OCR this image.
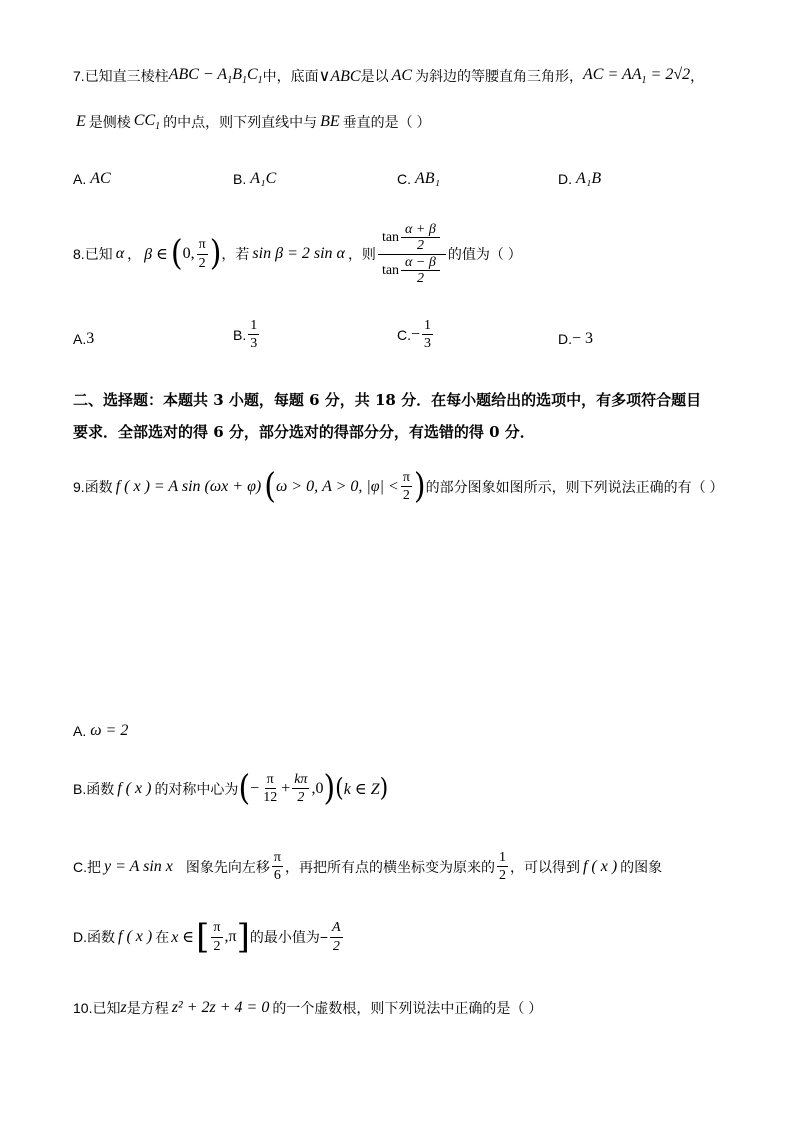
7. 已知直三棱柱 ABC − $A_1B_1C_1$ 中，底面 ∨ABC 是以 AC 为斜边的等腰直角三角形， AC = $AA_1 = 2√2$ ，
E 是侧棱 $CC_1$ 的中点，则下列直线中与 BE 垂直的是（ ）
A. AC	B. A₁C	C. AB₁	D. A₁B
8. 已知 α ， β ∈ ( 0, $\frac{\pi}{2}$ ) ，若 sin β = 2 sin α ，则 $\frac{\tan \frac{\alpha + \beta}{2}}{\tan \frac{\alpha - \beta}{2}}$ 的值为（ ）
A. 3	B. $\frac{1}{3}$	C. − $\frac{1}{3}$	D. − 3
二、选择题：本题共 3 小题，每题 6 分，共 18 分．在每小题给出的选项中，有多项符合题目
要求．全部选对的得 6 分，部分选对的得部分分，有选错的得 0 分．
9. 函数 f ( x ) = A sin (ωx + φ) ( ω > 0, A > 0, $|\varphi| < \frac{\pi}{2}$ ) 的部分图象如图所示，则下列说法正确的有（ ）
A. ω = 2
B. 函数 f ( x ) 的对称中心为 ( − $\frac{\pi}{12} + \frac{k\pi}{2} ,0$ ) ( k ∈ Z )
C. 把 y = A sin x 图象先向左移 $\frac{\pi}{6}$ ，再把所有点的横坐标变为原来的 $\frac{1}{2}$ ，可以得到 f ( x ) 的图象
D. 函数 f ( x ) 在 x ∈ [ $\frac{\pi}{2} ,\pi$ ] 的最小值为− $\frac{A}{2}$
10. 已知 z 是方程 z² + 2z + 4 = 0 的一个虚数根，则下列说法中正确的是（ ）
